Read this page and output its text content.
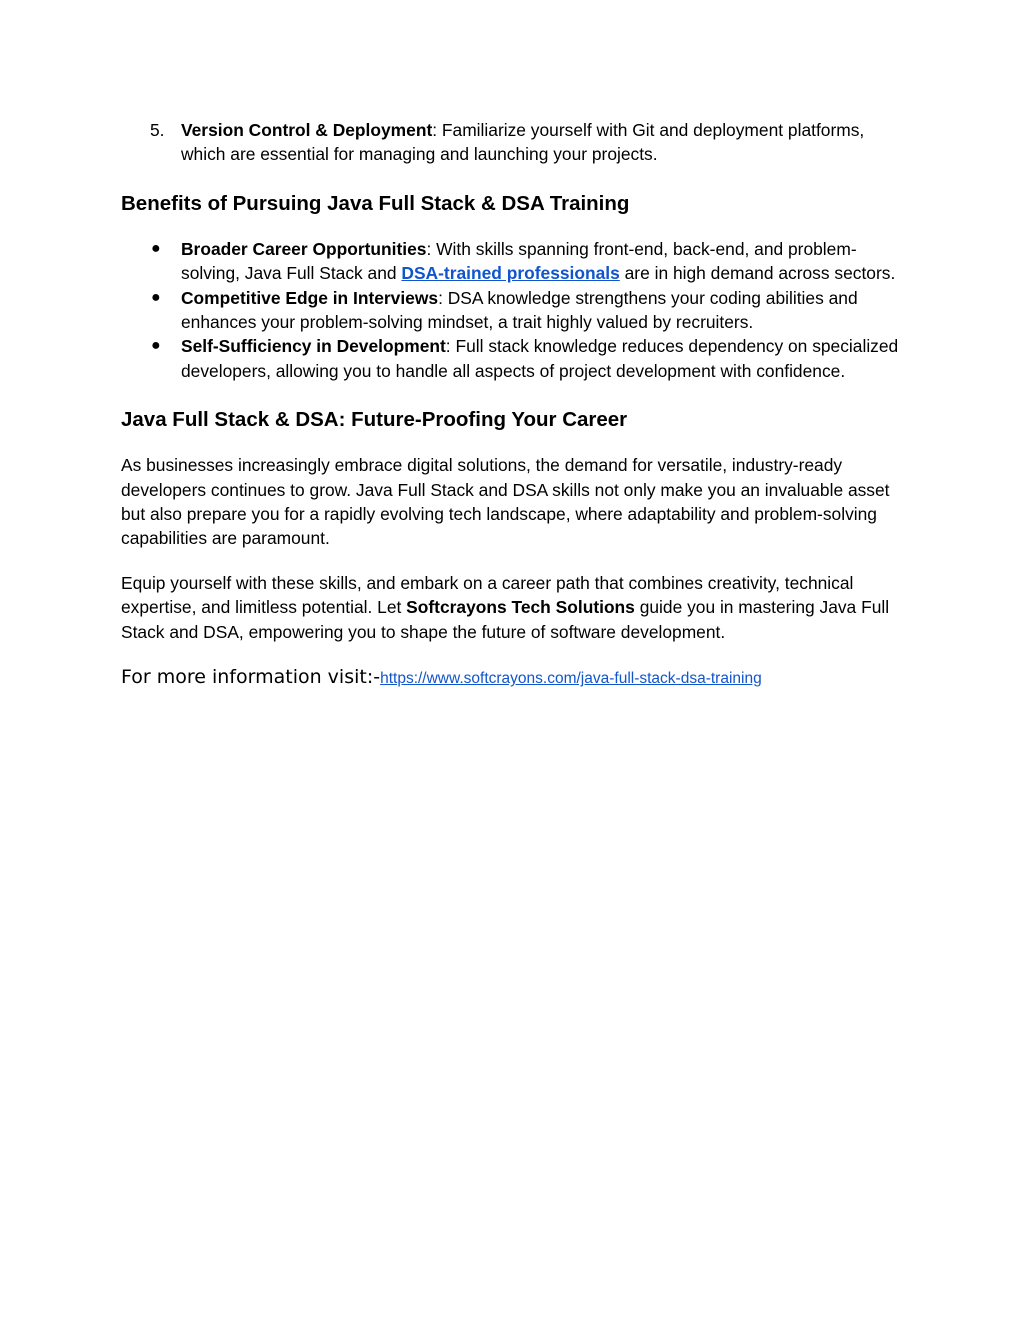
5. Version Control & Deployment: Familiarize yourself with Git and deployment platforms, which are essential for managing and launching your projects.

Benefits of Pursuing Java Full Stack & DSA Training
● Broader Career Opportunities: With skills spanning front-end, back-end, and problem-solving, Java Full Stack and DSA-trained professionals are in high demand across sectors.
● Competitive Edge in Interviews: DSA knowledge strengthens your coding abilities and enhances your problem-solving mindset, a trait highly valued by recruiters.
● Self-Sufficiency in Development: Full stack knowledge reduces dependency on specialized developers, allowing you to handle all aspects of project development with confidence.
Java Full Stack & DSA: Future-Proofing Your Career

As businesses increasingly embrace digital solutions, the demand for versatile, industry-ready developers continues to grow. Java Full Stack and DSA skills not only make you an invaluable asset but also prepare you for a rapidly evolving tech landscape, where adaptability and problem-solving capabilities are paramount.

Equip yourself with these skills, and embark on a career path that combines creativity, technical expertise, and limitless potential. Let Softcrayons Tech Solutions guide you in mastering Java Full Stack and DSA, empowering you to shape the future of software development.

For more information visit:-https://www.softcrayons.com/java-full-stack-dsa-training
